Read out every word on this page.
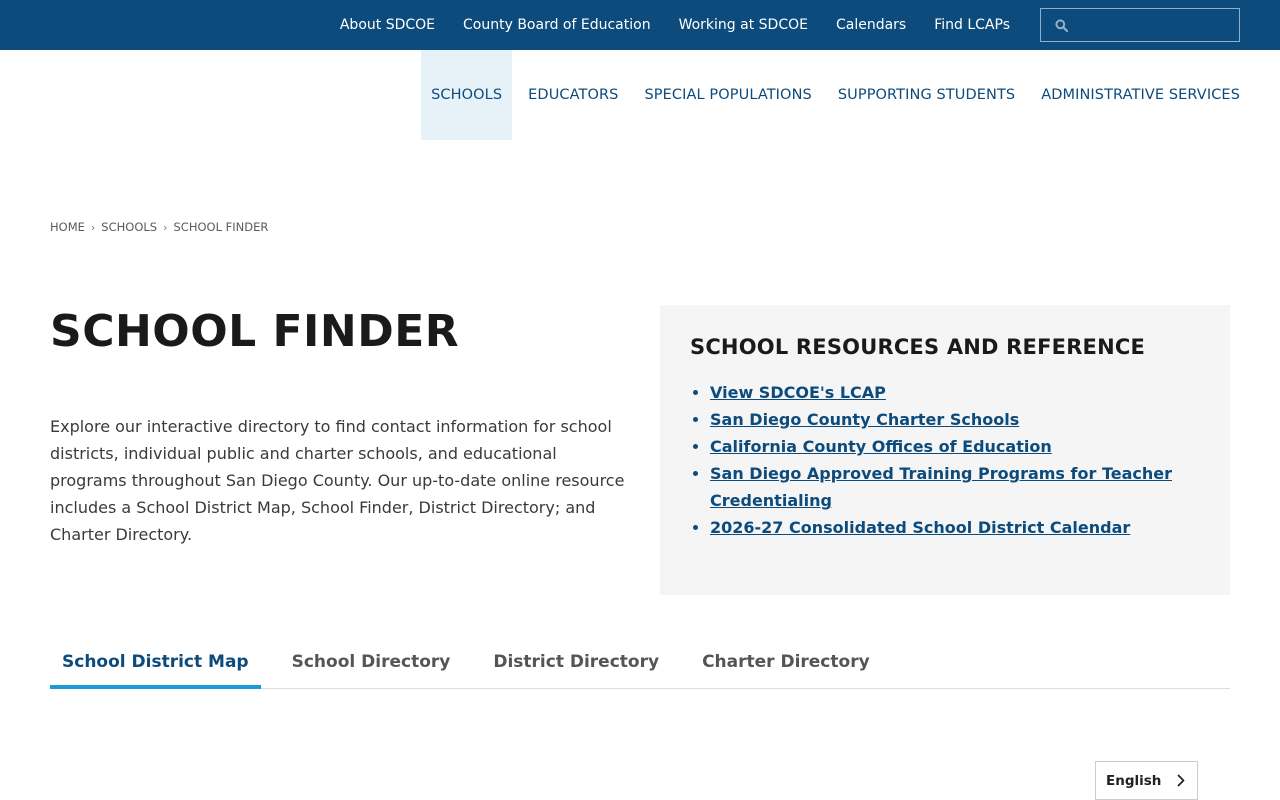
About SDCOE County Board of Education Working at SDCOE Calendars Find LCAPs
SCHOOLS	EDUCATORS	SPECIAL POPULATIONS	SUPPORTING STUDENTS	ADMINISTRATIVE SERVICES
HOME › SCHOOLS › SCHOOL FINDER
SCHOOL FINDER

Explore our interactive directory to find contact information for school districts, individual public and charter schools, and educational programs throughout San Diego County. Our up-to-date online resource includes a School District Map, School Finder, District Directory; and Charter Directory.

SCHOOL RESOURCES AND REFERENCE
• View SDCOE's LCAP
• San Diego County Charter Schools
• California County Offices of Education
• San Diego Approved Training Programs for Teacher Credentialing
• 2026-27 Consolidated School District Calendar
School District Map	School Directory	District Directory	Charter Directory
English
